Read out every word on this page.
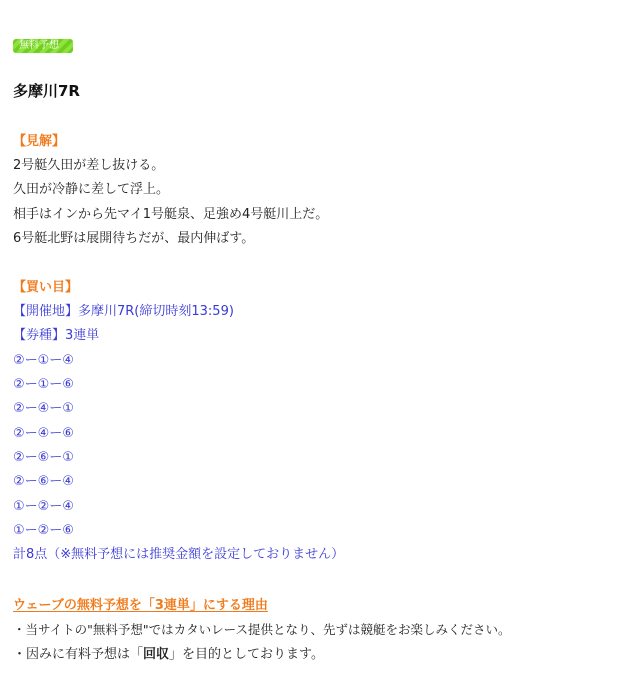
無料予想
多摩川7R
【見解】
2号艇久田が差し抜ける。
久田が冷静に差して浮上。
相手はインから先マイ1号艇泉、足強め4号艇川上だ。
6号艇北野は展開待ちだが、最内伸ばす。
【買い目】
【開催地】多摩川7R(締切時刻13:59)
【券種】3連単
②ー①ー④
②ー①ー⑥
②ー④ー①
②ー④ー⑥
②ー⑥ー①
②ー⑥ー④
①ー②ー④
①ー②ー⑥
計8点（※無料予想には推奨金額を設定しておりません）
ウェーブの無料予想を「3連単」にする理由
・当サイトの"無料予想"ではカタいレース提供となり、先ずは競艇をお楽しみください。
・因みに有料予想は「回収」を目的としております。
